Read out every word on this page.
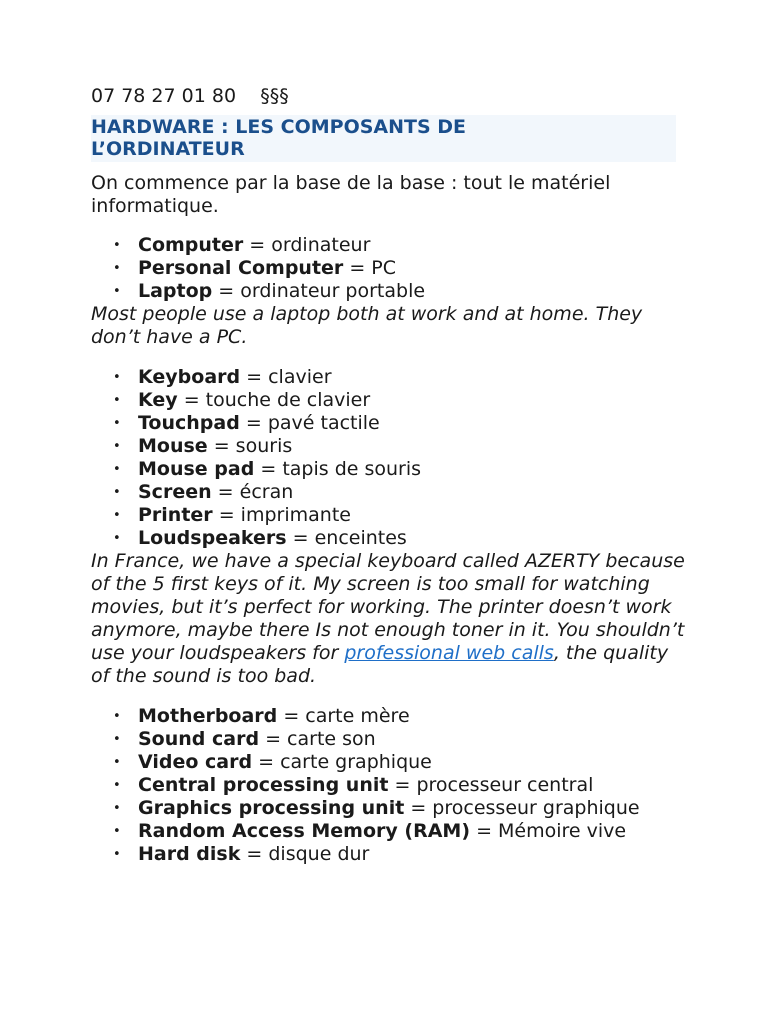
07 78 27 01 80    §§§
HARDWARE : LES COMPOSANTS DE
L’ORDINATEUR
On commence par la base de la base : tout le matériel informatique.
• Computer = ordinateur
• Personal Computer = PC
• Laptop = ordinateur portable
Most people use a laptop both at work and at home. They don’t have a PC.
• Keyboard = clavier
• Key = touche de clavier
• Touchpad = pavé tactile
• Mouse = souris
• Mouse pad = tapis de souris
• Screen = écran
• Printer = imprimante
• Loudspeakers = enceintes
In France, we have a special keyboard called AZERTY because of the 5 first keys of it. My screen is too small for watching movies, but it’s perfect for working. The printer doesn’t work anymore, maybe there Is not enough toner in it. You shouldn’t use your loudspeakers for professional web calls, the quality of the sound is too bad.
• Motherboard = carte mère
• Sound card = carte son
• Video card = carte graphique
• Central processing unit = processeur central
• Graphics processing unit = processeur graphique
• Random Access Memory (RAM) = Mémoire vive
• Hard disk = disque dur
